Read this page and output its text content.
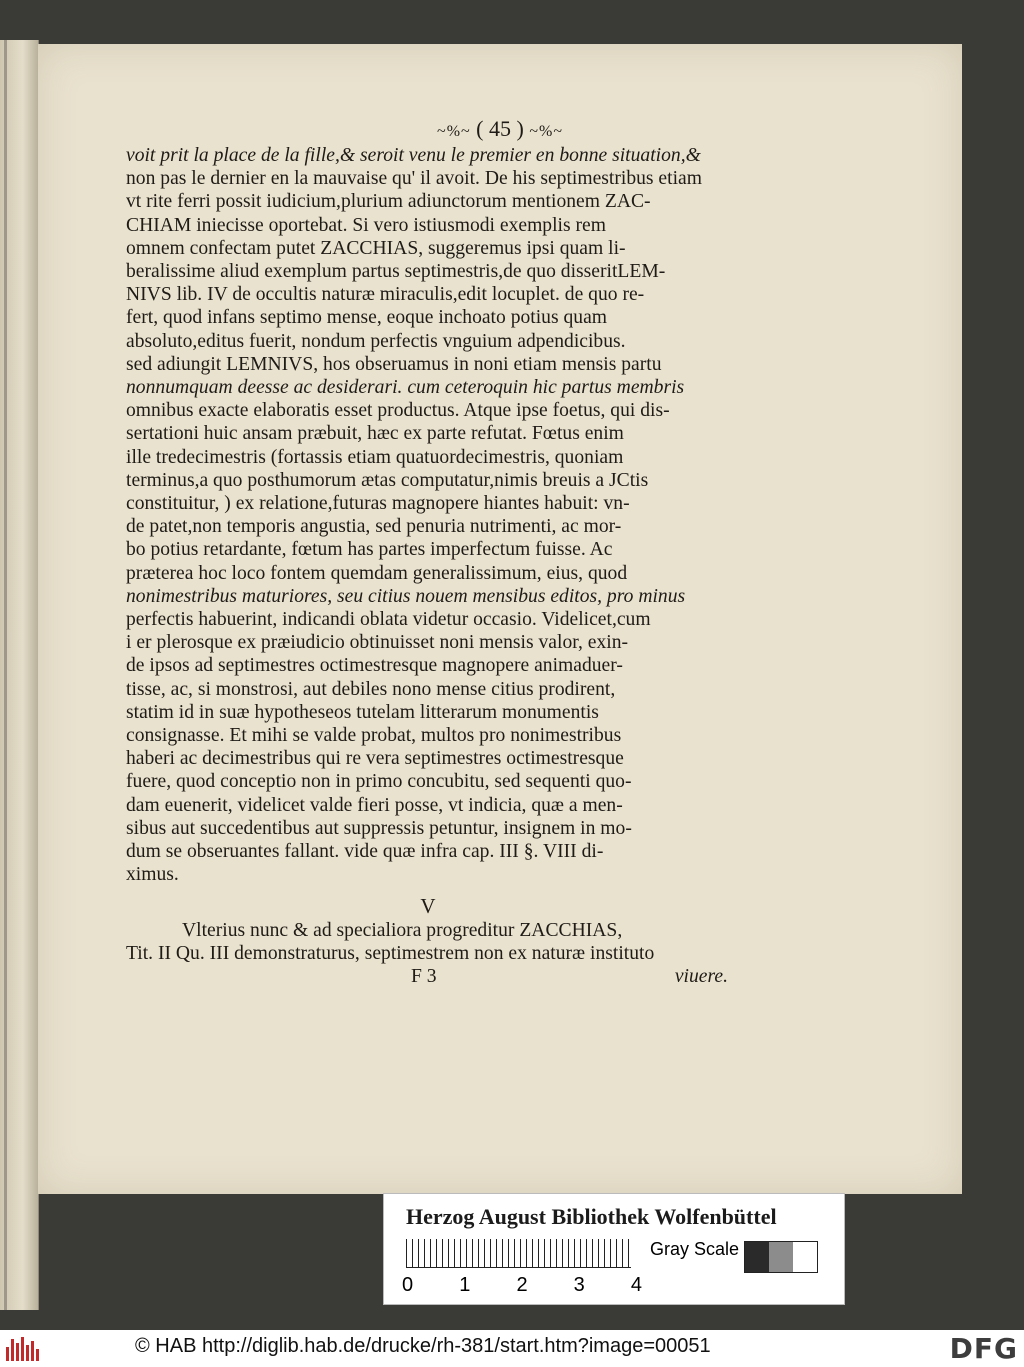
~%~ ( 45 ) ~%~
voit prit la place de la fille,& seroit venu le premier en bonne situation,&
non pas le dernier en la mauvaise qu' il avoit. De his septimestribus etiam
vt rite ferri possit iudicium,plurium adiunctorum mentionem ZAC-
CHIAM iniecisse oportebat. Si vero istiusmodi exemplis rem
omnem confectam putet ZACCHIAS, suggeremus ipsi quam li-
beralissime aliud exemplum partus septimestris,de quo disseritLEM-
NIVS lib. IV de occultis naturæ miraculis,edit locuplet. de quo re-
fert, quod infans septimo mense, eoque inchoato potius quam
absoluto,editus fuerit, nondum perfectis vnguium adpendicibus.
sed adiungit LEMNIVS, hos obseruamus in noni etiam mensis partu
nonnumquam deesse ac desiderari. cum ceteroquin hic partus membris
omnibus exacte elaboratis esset productus. Atque ipse foetus, qui dis-
sertationi huic ansam præbuit, hæc ex parte refutat. Fœtus enim
ille tredecimestris (fortassis etiam quatuordecimestris, quoniam
terminus,a quo posthumorum ætas computatur,nimis breuis a JCtis
constituitur, ) ex relatione,futuras magnopere hiantes habuit: vn-
de patet,non temporis angustia, sed penuria nutrimenti, ac mor-
bo potius retardante, fœtum has partes imperfectum fuisse. Ac
præterea hoc loco fontem quemdam generalissimum, eius, quod
nonimestribus maturiores, seu citius nouem mensibus editos, pro minus
perfectis habuerint, indicandi oblata videtur occasio. Videlicet,cum
i er plerosque ex præiudicio obtinuisset noni mensis valor, exin-
de ipsos ad septimestres octimestresque magnopere animaduer-
tisse, ac, si monstrosi, aut debiles nono mense citius prodirent,
statim id in suæ hypotheseos tutelam litterarum monumentis
consignasse. Et mihi se valde probat, multos pro nonimestribus
haberi ac decimestribus qui re vera septimestres octimestresque
fuere, quod conceptio non in primo concubitu, sed sequenti quo-
dam euenerit, videlicet valde fieri posse, vt indicia, quæ a men-
sibus aut succedentibus aut suppressis petuntur, insignem in mo-
dum se obseruantes fallant. vide quæ infra cap. III §. VIII di-
ximus.
V
Vlterius nunc & ad specialiora progreditur ZACCHIAS,
Tit. II Qu. III demonstraturus, septimestrem non ex naturæ instituto
F 3	viuere.
Herzog August Bibliothek Wolfenbüttel
0 1 2 3 4
Gray Scale
© HAB http://diglib.hab.de/drucke/rh-381/start.htm?image=00051	DFG
